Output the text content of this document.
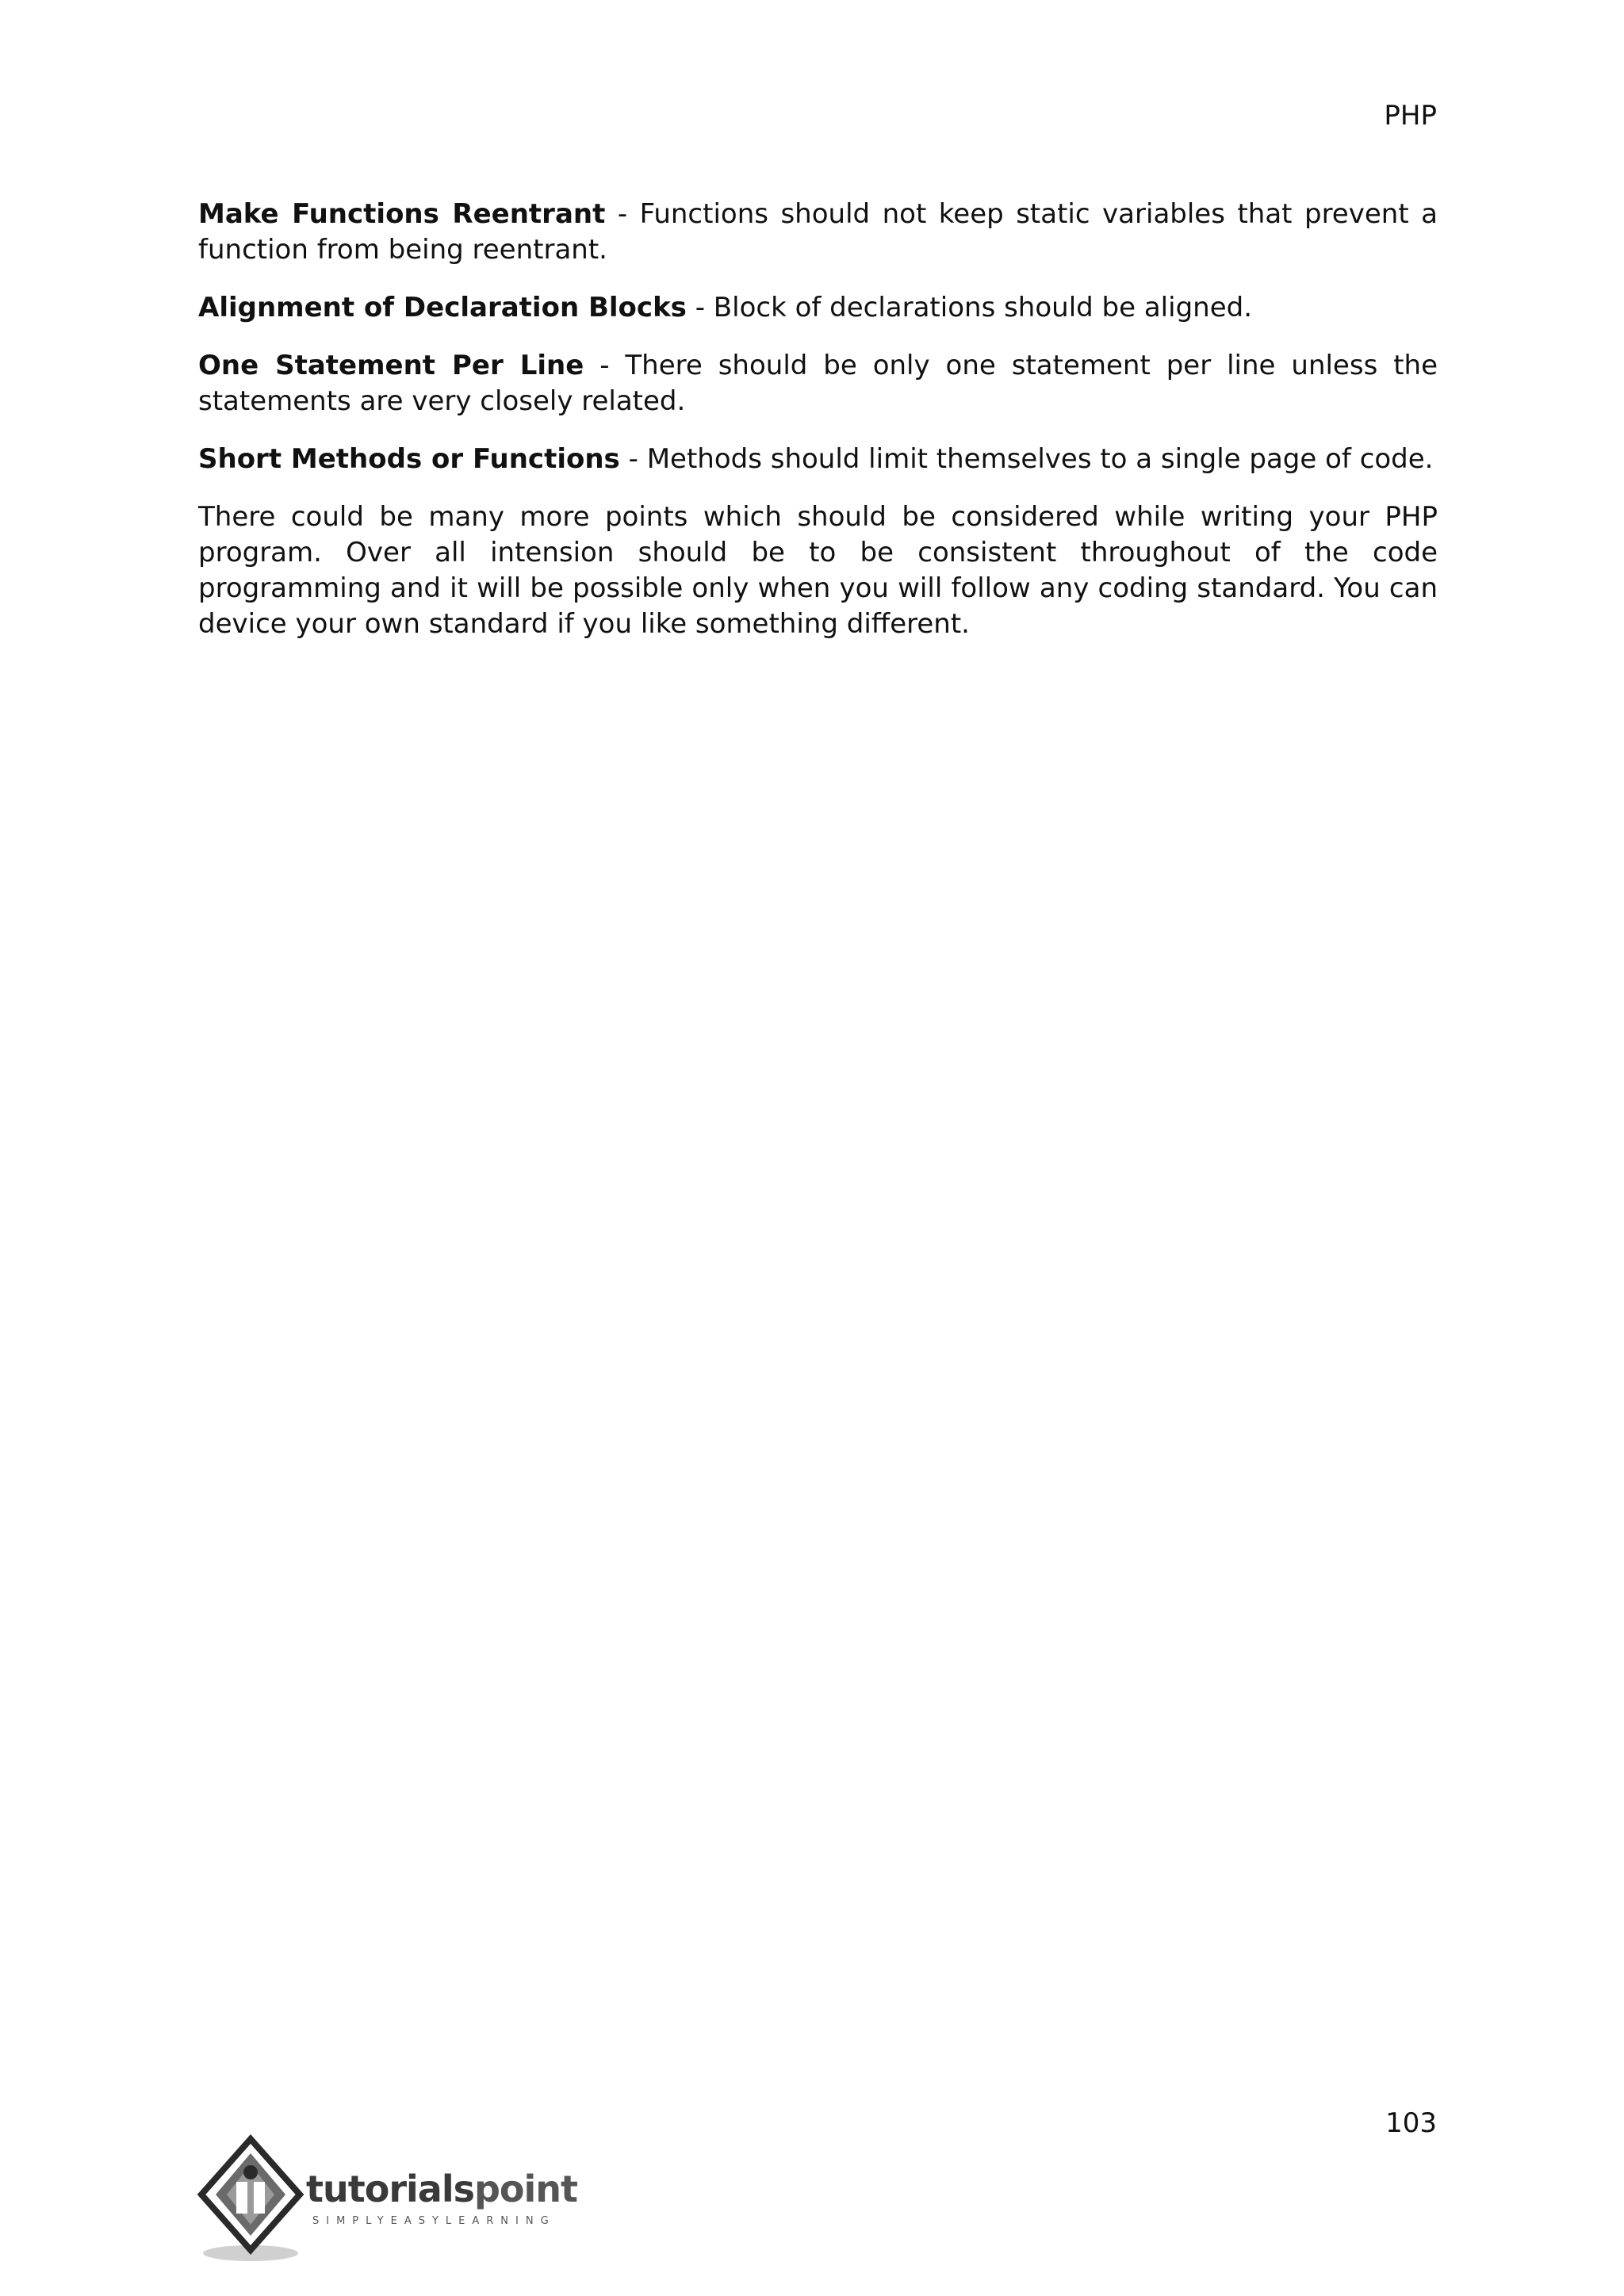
PHP

Make Functions Reentrant - Functions should not keep static variables that prevent a function from being reentrant.

Alignment of Declaration Blocks - Block of declarations should be aligned.

One Statement Per Line - There should be only one statement per line unless the statements are very closely related.

Short Methods or Functions - Methods should limit themselves to a single page of code.

There could be many more points which should be considered while writing your PHP program. Over all intension should be to be consistent throughout of the code programming and it will be possible only when you will follow any coding standard. You can device your own standard if you like something different.

103
tutorialspoint
SIMPLYEASYLEARNING
